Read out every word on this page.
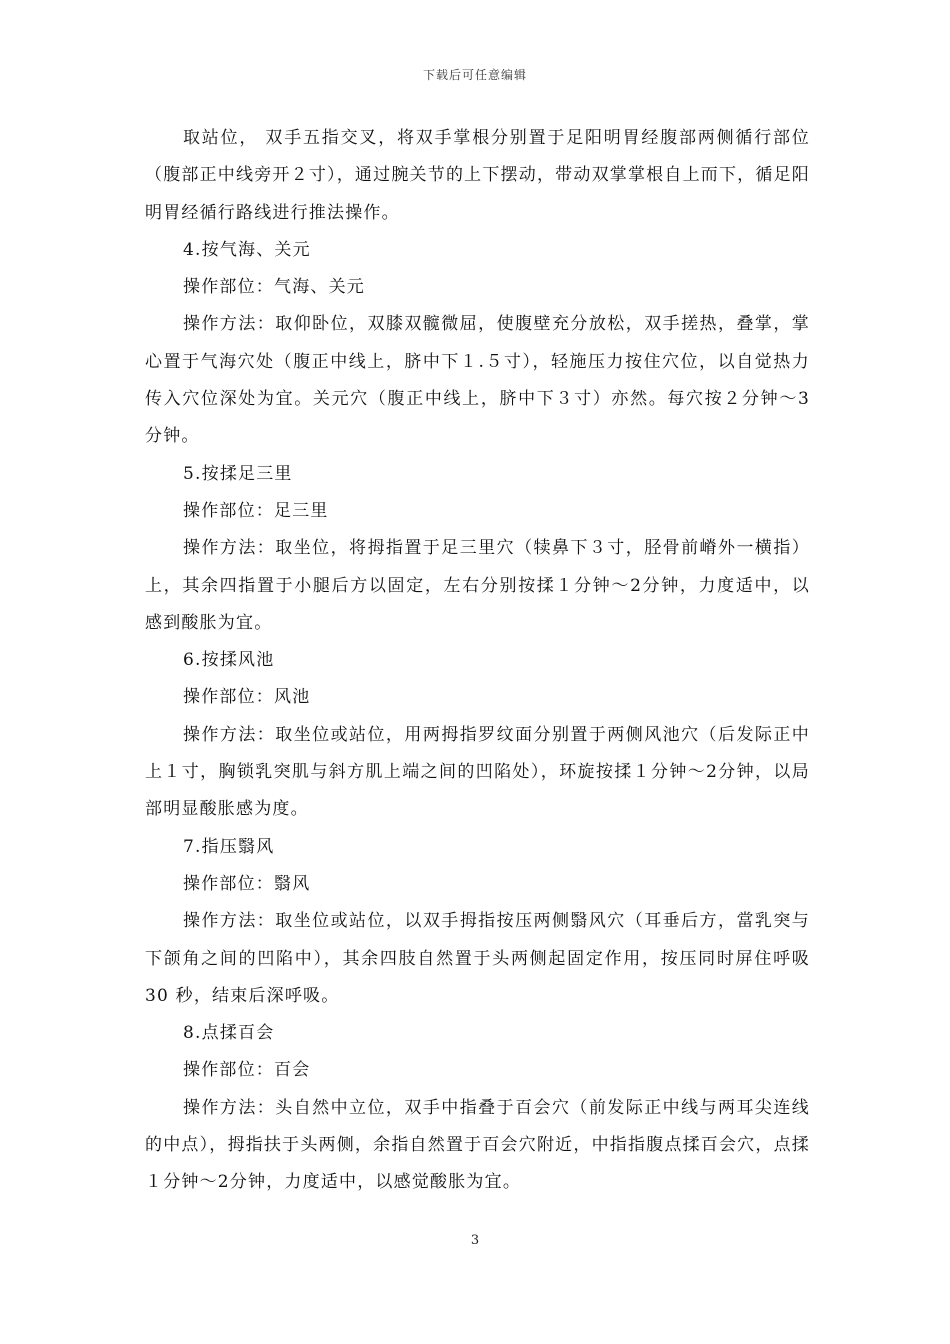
下载后可任意编辑

取站位， 双手五指交叉，将双手掌根分别置于足阳明胃经腹部两侧循行部位（腹部正中线旁开２寸），通过腕关节的上下摆动，带动双掌掌根自上而下，循足阳明胃经循行路线进行推法操作。

4.按气海、关元

操作部位：气海、关元

操作方法：取仰卧位，双膝双髋微屈，使腹壁充分放松，双手搓热，叠掌，掌心置于气海穴处（腹正中线上，脐中下１.５寸），轻施压力按住穴位，以自觉热力传入穴位深处为宜。关元穴（腹正中线上，脐中下３寸）亦然。每穴按２分钟～3分钟。

5.按揉足三里

操作部位：足三里

操作方法：取坐位，将拇指置于足三里穴（犊鼻下３寸，胫骨前嵴外一横指）上，其余四指置于小腿后方以固定，左右分别按揉１分钟～2分钟，力度适中，以感到酸胀为宜。

6.按揉风池

操作部位：风池

操作方法：取坐位或站位，用两拇指罗纹面分别置于两侧风池穴（后发际正中上１寸，胸锁乳突肌与斜方肌上端之间的凹陷处），环旋按揉１分钟～2分钟，以局部明显酸胀感为度。

7.指压翳风

操作部位：翳风

操作方法：取坐位或站位，以双手拇指按压两侧翳风穴（耳垂后方，當乳突与下颌角之间的凹陷中），其余四肢自然置于头两侧起固定作用，按压同时屏住呼吸 30 秒，结束后深呼吸。

8.点揉百会

操作部位：百会

操作方法：头自然中立位，双手中指叠于百会穴（前发际正中线与两耳尖连线的中点），拇指扶于头两侧，余指自然置于百会穴附近，中指指腹点揉百会穴，点揉１分钟～2分钟，力度适中，以感觉酸胀为宜。

3
